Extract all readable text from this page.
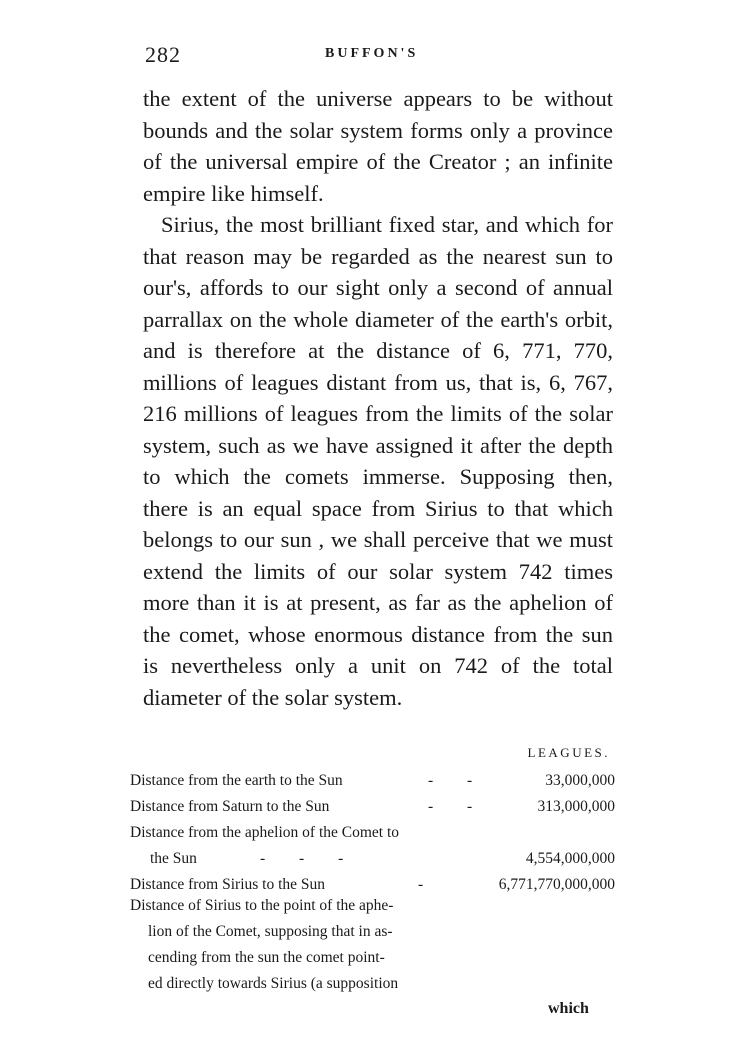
282	BUFFON'S

the extent of the universe appears to be without bounds and the solar system forms only a province of the universal empire of the Creator ; an infinite empire like himself.

Sirius, the most brilliant fixed star, and which for that reason may be regarded as the nearest sun to our's, affords to our sight only a second of annual parrallax on the whole diameter of the earth's orbit, and is therefore at the distance of 6, 771, 770, millions of leagues distant from us, that is, 6, 767, 216 millions of leagues from the limits of the solar system, such as we have assigned it after the depth to which the comets immerse. Supposing then, there is an equal space from Sirius to that which belongs to our sun , we shall perceive that we must extend the limits of our solar system 742 times more than it is at present, as far as the aphelion of the comet, whose enormous distance from the sun is nevertheless only a unit on 742 of the total diameter of the solar system.

LEAGUES.
Distance from the earth to the Sun	- -	33,000,000
Distance from Saturn to the Sun	- -	313,000,000
Distance from the aphelion of the Comet to
the Sun	- - -	4,554,000,000
Distance from Sirius to the Sun	-	6,771,770,000,000
Distance of Sirius to the point of the aphe-
lion of the Comet, supposing that in as-
cending from the sun the comet point-
ed directly towards Sirius (a supposition
which
